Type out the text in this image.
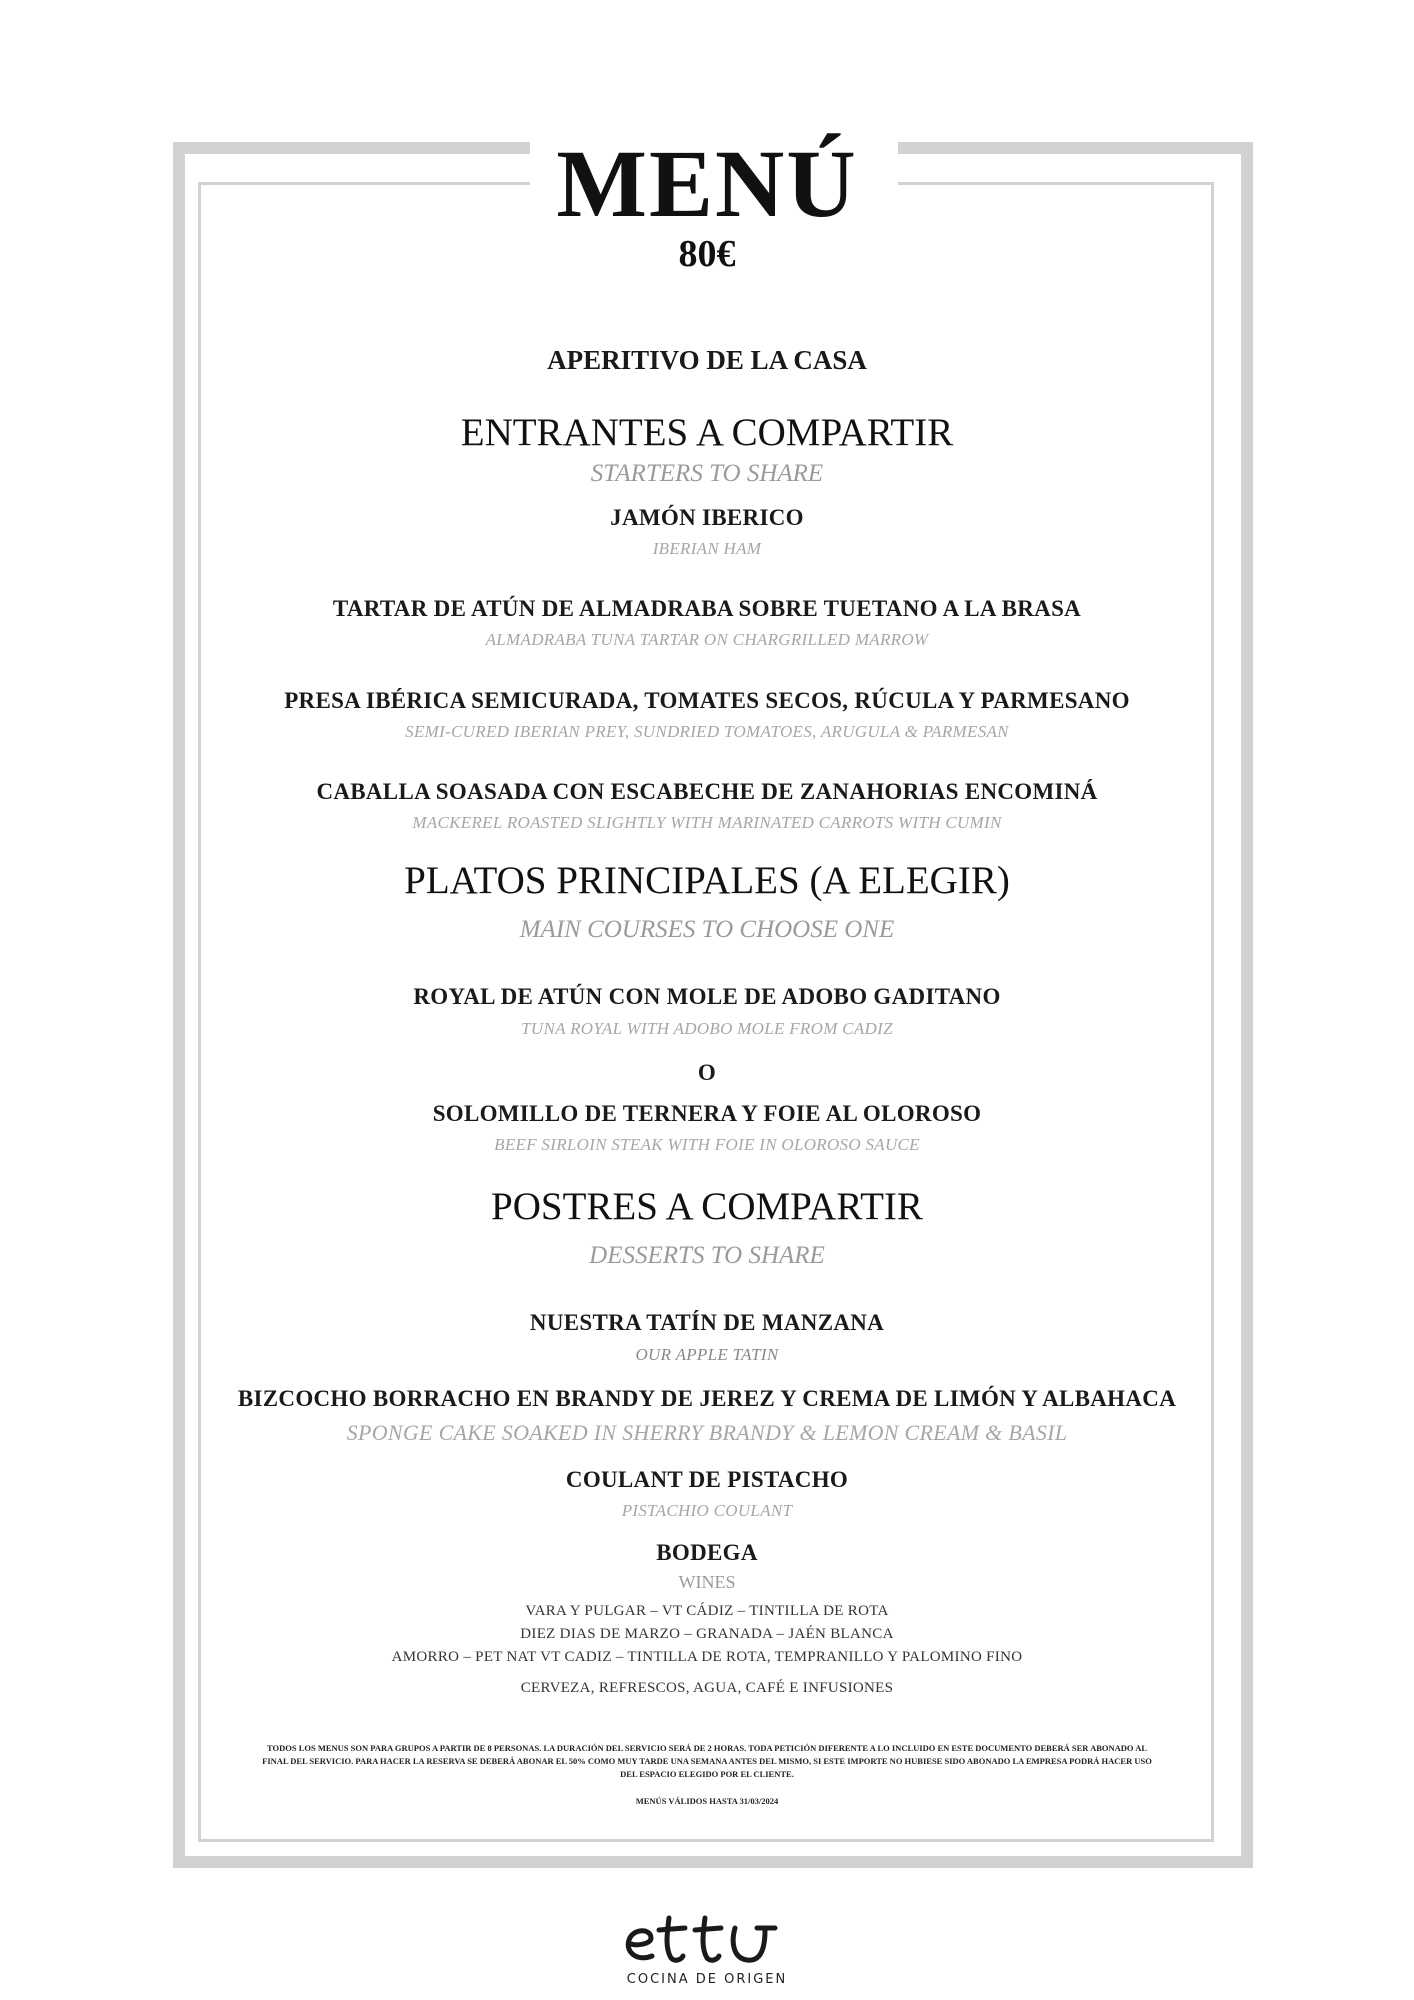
MENÚ
80€
APERITIVO DE LA CASA
ENTRANTES A COMPARTIR
STARTERS TO SHARE
JAMÓN IBERICO
IBERIAN HAM
TARTAR DE ATÚN DE ALMADRABA SOBRE TUETANO A LA BRASA
ALMADRABA TUNA TARTAR ON CHARGRILLED MARROW
PRESA IBÉRICA SEMICURADA, TOMATES SECOS, RÚCULA Y PARMESANO
SEMI-CURED IBERIAN PREY, SUNDRIED TOMATOES, ARUGULA & PARMESAN
CABALLA SOASADA CON ESCABECHE DE ZANAHORIAS ENCOMINÁ
MACKEREL ROASTED SLIGHTLY WITH MARINATED CARROTS WITH CUMIN
PLATOS PRINCIPALES (A ELEGIR)
MAIN COURSES TO CHOOSE ONE
ROYAL DE ATÚN CON MOLE DE ADOBO GADITANO
TUNA ROYAL WITH ADOBO MOLE FROM CADIZ
O
SOLOMILLO DE TERNERA Y FOIE AL OLOROSO
BEEF SIRLOIN STEAK WITH FOIE IN OLOROSO SAUCE
POSTRES A COMPARTIR
DESSERTS TO SHARE
NUESTRA TATÍN DE MANZANA
OUR APPLE TATIN
BIZCOCHO BORRACHO EN BRANDY DE JEREZ Y CREMA DE LIMÓN Y ALBAHACA
SPONGE CAKE SOAKED IN SHERRY BRANDY & LEMON CREAM & BASIL
COULANT DE PISTACHO
PISTACHIO COULANT
BODEGA
WINES
VARA Y PULGAR – VT CÁDIZ – TINTILLA DE ROTA
DIEZ DIAS DE MARZO – GRANADA – JAÉN BLANCA
AMORRO – PET NAT VT CADIZ – TINTILLA DE ROTA, TEMPRANILLO Y PALOMINO FINO
CERVEZA, REFRESCOS, AGUA, CAFÉ E INFUSIONES
TODOS LOS MENUS SON PARA GRUPOS A PARTIR DE 8 PERSONAS. LA DURACIÓN DEL SERVICIO SERÁ DE 2 HORAS. TODA PETICIÓN DIFERENTE A LO INCLUIDO EN ESTE DOCUMENTO DEBERÁ SER ABONADO AL FINAL DEL SERVICIO. PARA HACER LA RESERVA SE DEBERÁ ABONAR EL 50% COMO MUY TARDE UNA SEMANA ANTES DEL MISMO, SI ESTE IMPORTE NO HUBIESE SIDO ABONADO LA EMPRESA PODRÁ HACER USO DEL ESPACIO ELEGIDO POR EL CLIENTE.
MENÚS VÁLIDOS HASTA 31/03/2024
COCINA DE ORIGEN
